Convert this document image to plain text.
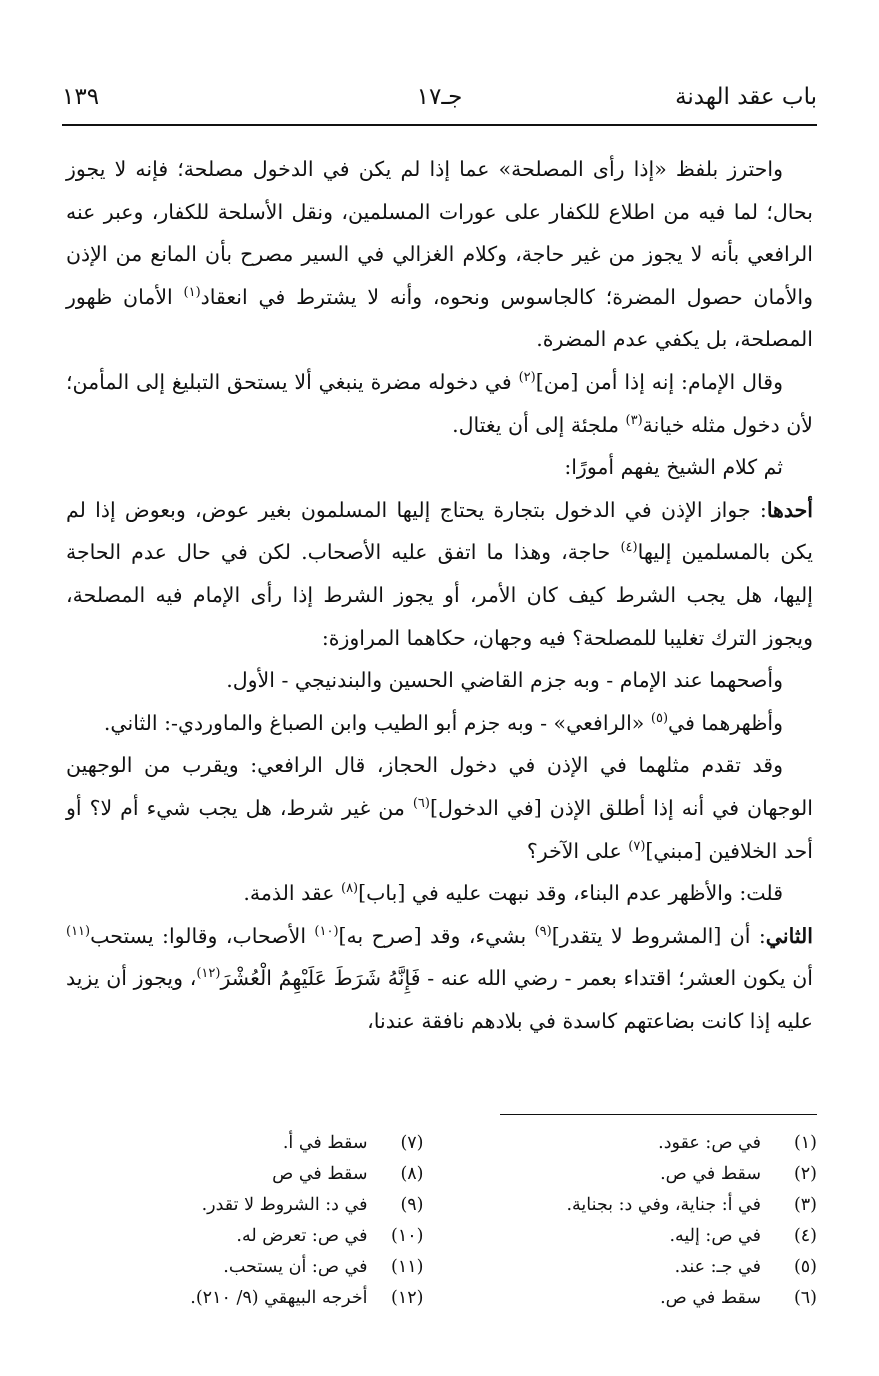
باب عقد الهدنة
جـ١٧
١٣٩

واحترز بلفظ «إذا رأى المصلحة» عما إذا لم يكن في الدخول مصلحة؛ فإنه لا يجوز بحال؛ لما فيه من اطلاع للكفار على عورات المسلمين، ونقل الأسلحة للكفار، وعبر عنه الرافعي بأنه لا يجوز من غير حاجة، وكلام الغزالي في السير مصرح بأن المانع من الإذن والأمان حصول المضرة؛ كالجاسوس ونحوه، وأنه لا يشترط في انعقاد$^{(١)}$ الأمان ظهور المصلحة، بل يكفي عدم المضرة.

وقال الإمام: إنه إذا أمن [من]$^{(٢)}$ في دخوله مضرة ينبغي ألا يستحق التبليغ إلى المأمن؛ لأن دخول مثله خيانة$^{(٣)}$ ملجئة إلى أن يغتال.

ثم كلام الشيخ يفهم أمورًا:

أحدها: جواز الإذن في الدخول بتجارة يحتاج إليها المسلمون بغير عوض، وبعوض إذا لم يكن بالمسلمين إليها$^{(٤)}$ حاجة، وهذا ما اتفق عليه الأصحاب. لكن في حال عدم الحاجة إليها، هل يجب الشرط كيف كان الأمر، أو يجوز الشرط إذا رأى الإمام فيه المصلحة، ويجوز الترك تغليبا للمصلحة؟ فيه وجهان، حكاهما المراوزة:

وأصحهما عند الإمام - وبه جزم القاضي الحسين والبندنيجي - الأول.

وأظهرهما في$^{(٥)}$ «الرافعي» - وبه جزم أبو الطيب وابن الصباغ والماوردي-: الثاني.

وقد تقدم مثلهما في الإذن في دخول الحجاز، قال الرافعي: ويقرب من الوجهين الوجهان في أنه إذا أطلق الإذن [في الدخول]$^{(٦)}$ من غير شرط، هل يجب شيء أم لا؟ أو أحد الخلافين [مبني]$^{(٧)}$ على الآخر؟

قلت: والأظهر عدم البناء، وقد نبهت عليه في [باب]$^{(٨)}$ عقد الذمة.

الثاني: أن [المشروط لا يتقدر]$^{(٩)}$ بشيء، وقد [صرح به]$^{(١٠)}$ الأصحاب، وقالوا: يستحب$^{(١١)}$ أن يكون العشر؛ اقتداء بعمر - رضي الله عنه - فَإِنَّهُ شَرَطَ عَلَيْهِمُ الْعُشْرَ$^{(١٢)}$، ويجوز أن يزيد عليه إذا كانت بضاعتهم كاسدة في بلادهم نافقة عندنا،

(١)
في ص: عقود.
(٢)
سقط في ص.
(٣)
في أ: جناية، وفي د: بجناية.
(٤)
في ص: إليه.
(٥)
في جـ: عند.
(٦)
سقط في ص.
(٧)
سقط في أ.
(٨)
سقط في ص
(٩)
في د: الشروط لا تقدر.
(١٠)
في ص: تعرض له.
(١١)
في ص: أن يستحب.
(١٢)
أخرجه البيهقي (٩/ ٢١٠).
